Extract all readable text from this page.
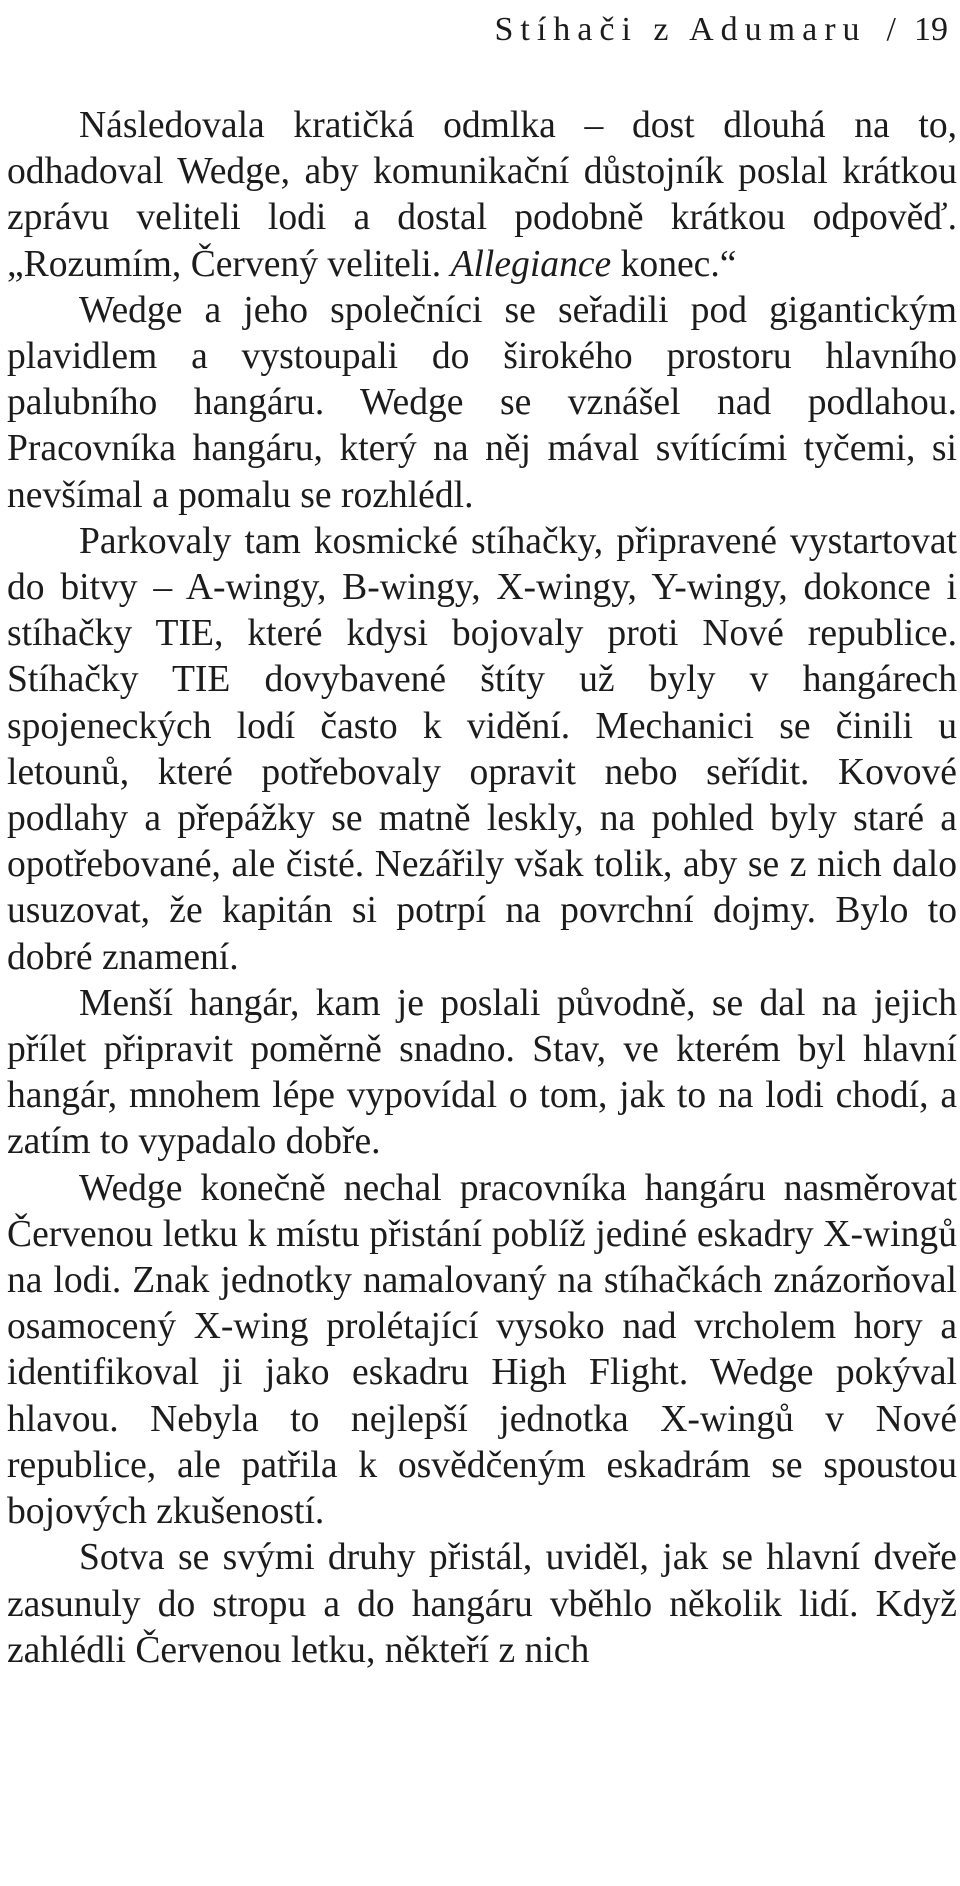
Stíhači z Adumaru / 19

Následovala kratičká odmlka – dost dlouhá na to, odhadoval Wedge, aby komunikační důstojník poslal krátkou zprávu veliteli lodi a dostal podobně krátkou odpověď. „Rozumím, Červený veliteli. Allegiance konec.“

Wedge a jeho společníci se seřadili pod gigantickým plavidlem a vystoupali do širokého prostoru hlavního palubního hangáru. Wedge se vznášel nad podlahou. Pracovníka hangáru, který na něj mával svítícími tyčemi, si nevšímal a pomalu se rozhlédl.

Parkovaly tam kosmické stíhačky, připravené vystartovat do bitvy – A-wingy, B-wingy, X-wingy, Y-wingy, dokonce i stíhačky TIE, které kdysi bojovaly proti Nové republice. Stíhačky TIE dovybavené štíty už byly v hangárech spojeneckých lodí často k vidění. Mechanici se činili u letounů, které potřebovaly opravit nebo seřídit. Kovové podlahy a přepážky se matně leskly, na pohled byly staré a opotřebované, ale čisté. Nezářily však tolik, aby se z nich dalo usuzovat, že kapitán si potrpí na povrchní dojmy. Bylo to dobré znamení.

Menší hangár, kam je poslali původně, se dal na jejich přílet připravit poměrně snadno. Stav, ve kterém byl hlavní hangár, mnohem lépe vypovídal o tom, jak to na lodi chodí, a zatím to vypadalo dobře.

Wedge konečně nechal pracovníka hangáru nasměrovat Červenou letku k místu přistání poblíž jediné eskadry X-wingů na lodi. Znak jednotky namalovaný na stíhačkách znázorňoval osamocený X-wing prolétající vysoko nad vrcholem hory a identifikoval ji jako eskadru High Flight. Wedge pokýval hlavou. Nebyla to nejlepší jednotka X-wingů v Nové republice, ale patřila k osvědčeným eskadrám se spoustou bojových zkušeností.

Sotva se svými druhy přistál, uviděl, jak se hlavní dveře zasunuly do stropu a do hangáru vběhlo několik lidí. Když zahlédli Červenou letku, někteří z nich
